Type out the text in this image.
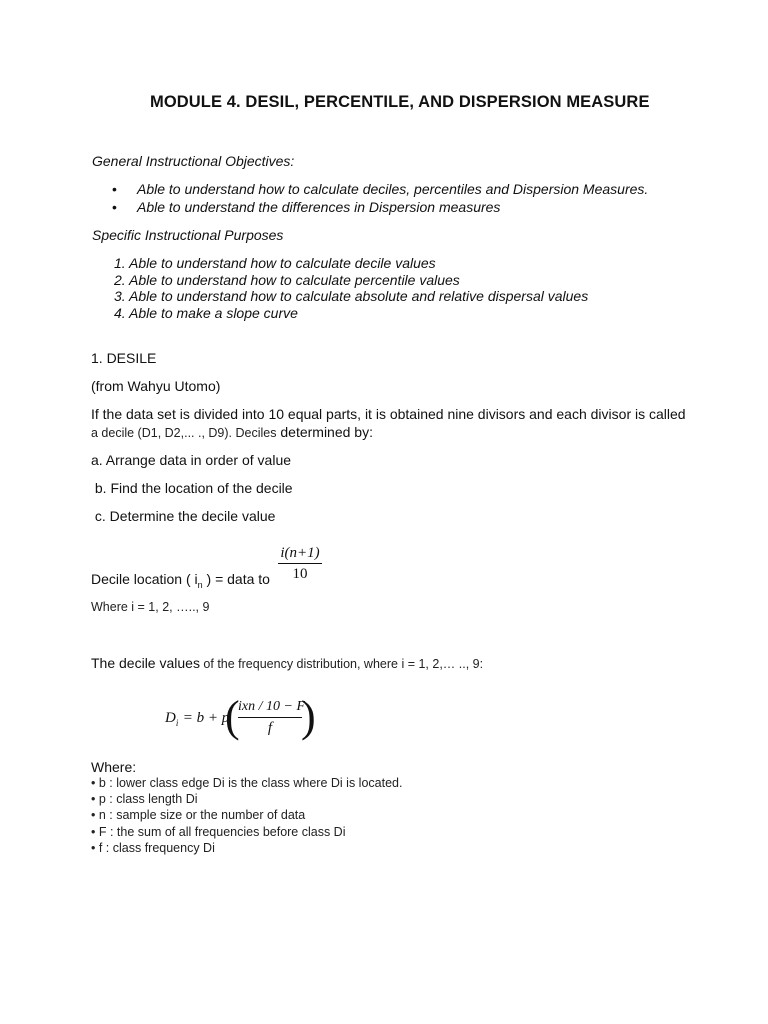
MODULE 4. DESIL, PERCENTILE, AND DISPERSION MEASURE
General Instructional Objectives:
• Able to understand how to calculate deciles, percentiles and Dispersion Measures.
• Able to understand the differences in Dispersion measures
Specific Instructional Purposes
1. Able to understand how to calculate decile values
2. Able to understand how to calculate percentile values
3. Able to understand how to calculate absolute and relative dispersal values
4. Able to make a slope curve
1. DESILE
(from Wahyu Utomo)
If the data set is divided into 10 equal parts, it is obtained nine divisors and each divisor is called
a decile (D1, D2,... ., D9). Deciles determined by:
a. Arrange data in order of value
b. Find the location of the decile
c. Determine the decile value
Decile location ( $i_n$ ) = data to
i(n+1)
10
Where i = 1, 2, ….., 9
The decile values of the frequency distribution, where i = 1, 2,… .., 9:
$D_i = b + p$
(
ixn / 10 − F
f )
Where:
• b : lower class edge Di is the class where Di is located.
• p : class length Di
• n : sample size or the number of data
• F : the sum of all frequencies before class Di
• f : class frequency Di
